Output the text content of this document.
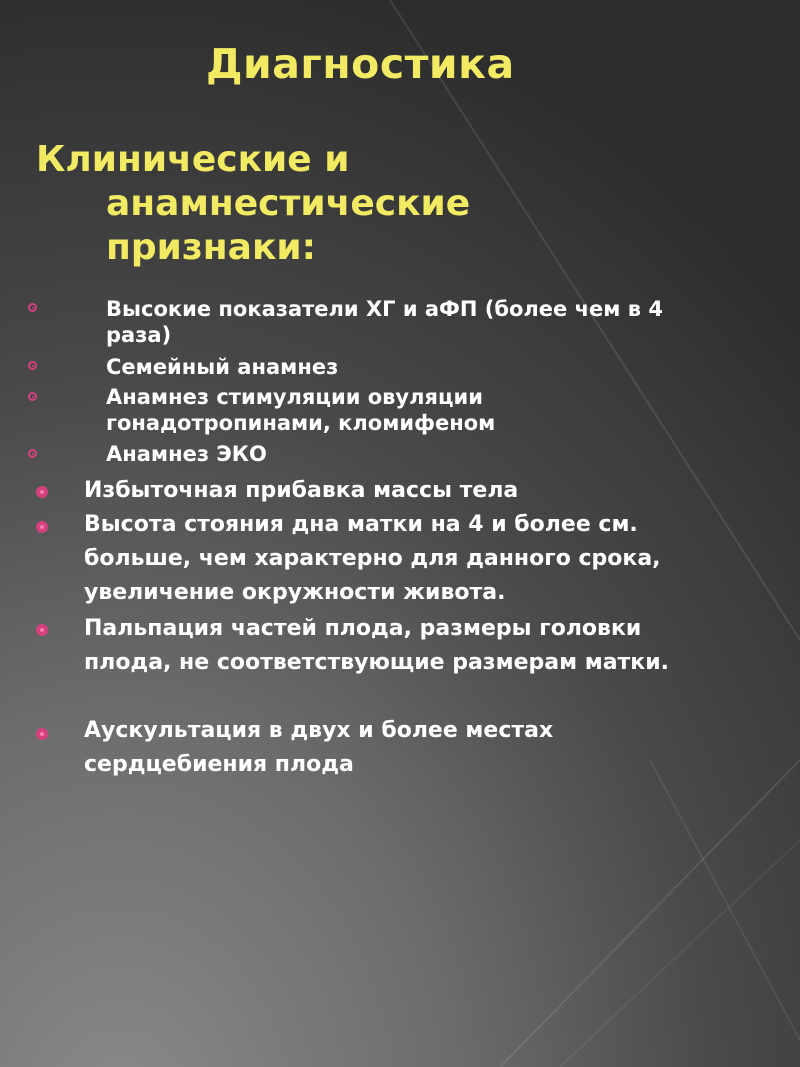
Диагностика
Клинические и
анамнестические
признаки:
Высокие показатели ХГ и аФП (более чем в 4 раза)
Семейный анамнез
Анамнез стимуляции овуляции гонадотропинами, кломифеном
Анамнез ЭКО
Избыточная прибавка массы тела
Высота стояния дна матки на 4 и более см. больше, чем характерно для данного срока, увеличение окружности живота.
Пальпация частей плода, размеры головки плода, не соответствующие размерам матки.
Аускультация в двух и более местах сердцебиения плода
